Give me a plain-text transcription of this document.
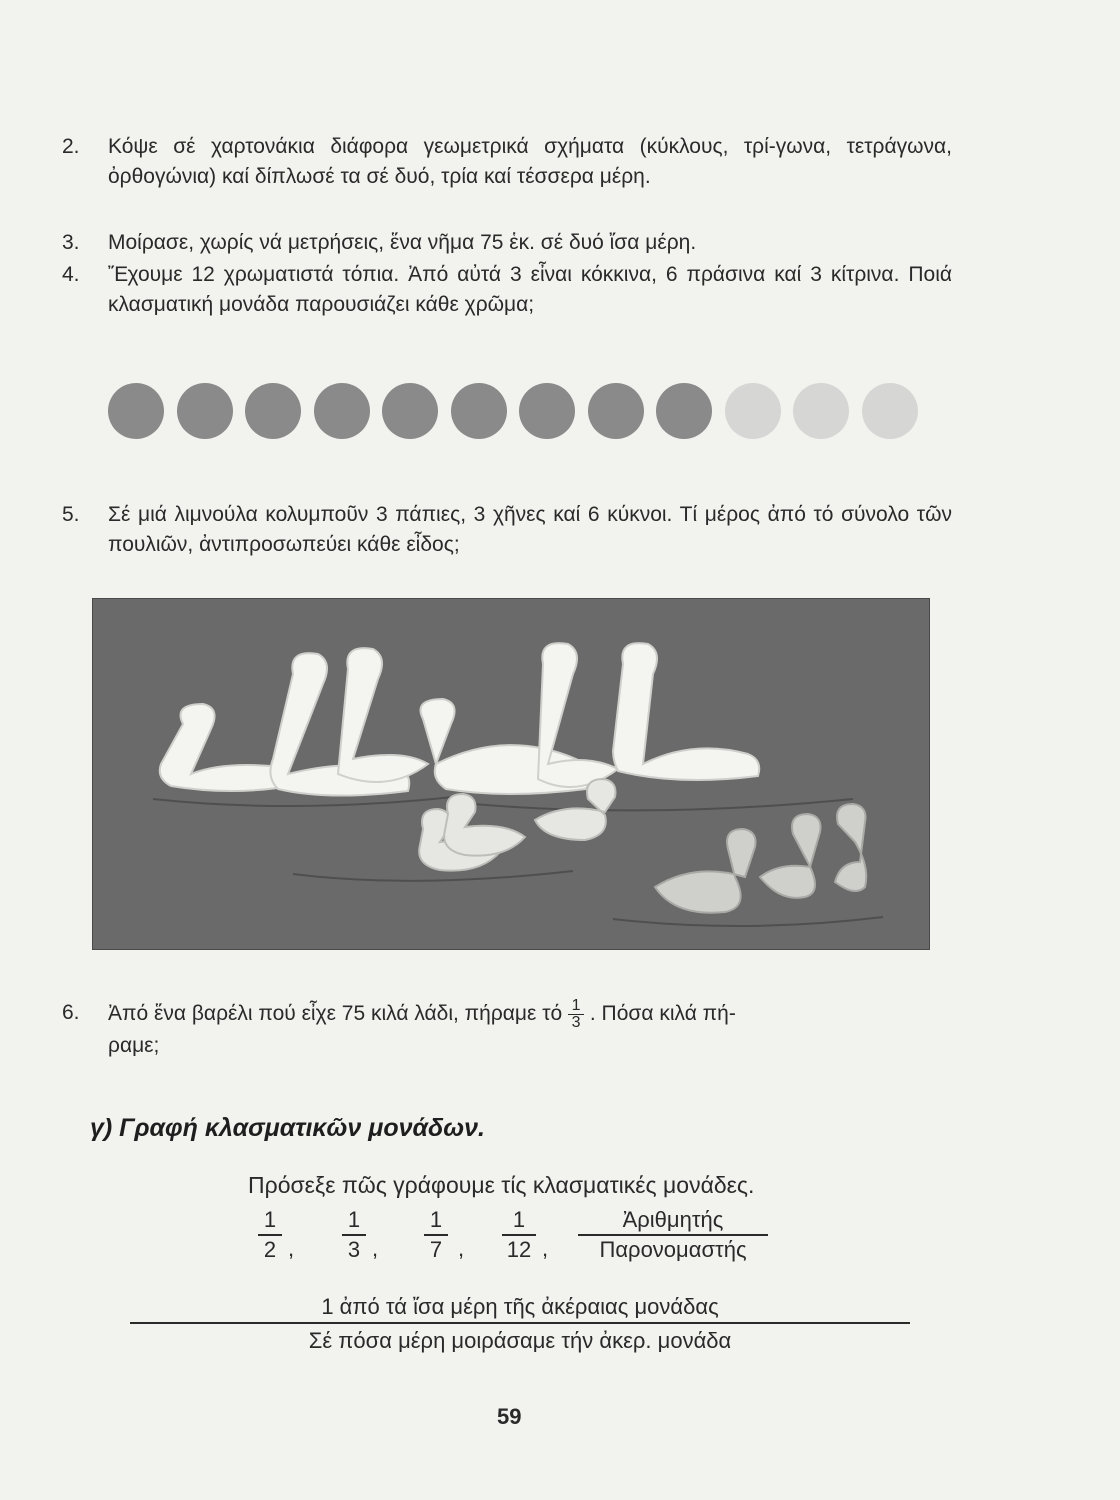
2.	Κόψε σέ χαρτονάκια διάφορα γεωμετρικά σχήματα (κύκλους, τρί-γωνα, τετράγωνα, ὀρθογώνια) καί δίπλωσέ τα σέ δυό, τρία καί τέσσερα μέρη.
3.	Μοίρασε, χωρίς νά μετρήσεις, ἕνα νῆμα 75 ἑκ. σέ δυό ἴσα μέρη.
4.	Ἔχουμε 12 χρωματιστά τόπια. Ἀπό αὐτά 3 εἶναι κόκκινα, 6 πράσινα καί 3 κίτρινα. Ποιά κλασματική μονάδα παρουσιάζει κάθε χρῶμα;
5.	Σέ μιά λιμνούλα κολυμποῦν 3 πάπιες, 3 χῆνες καί 6 κύκνοι. Τί μέρος ἀπό τό σύνολο τῶν πουλιῶν, ἀντιπροσωπεύει κάθε εἶδος;
6.	Ἀπό ἕνα βαρέλι πού εἶχε 75 κιλά λάδι, πήραμε τό $\frac{1}{3}$ . Πόσα κιλά πή-
ραμε;
γ) Γραφή κλασματικῶν μονάδων.
Πρόσεξε πῶς γράφουμε τίς κλασματικές μονάδες.
1
2 ,
1
3 ,
1
7 ,
1
12 ,
Ἀριθμητής
Παρονομαστής
1 ἀπό τά ἴσα μέρη τῆς ἀκέραιας μονάδας
Σέ πόσα μέρη μοιράσαμε τήν ἀκερ. μονάδα
59
